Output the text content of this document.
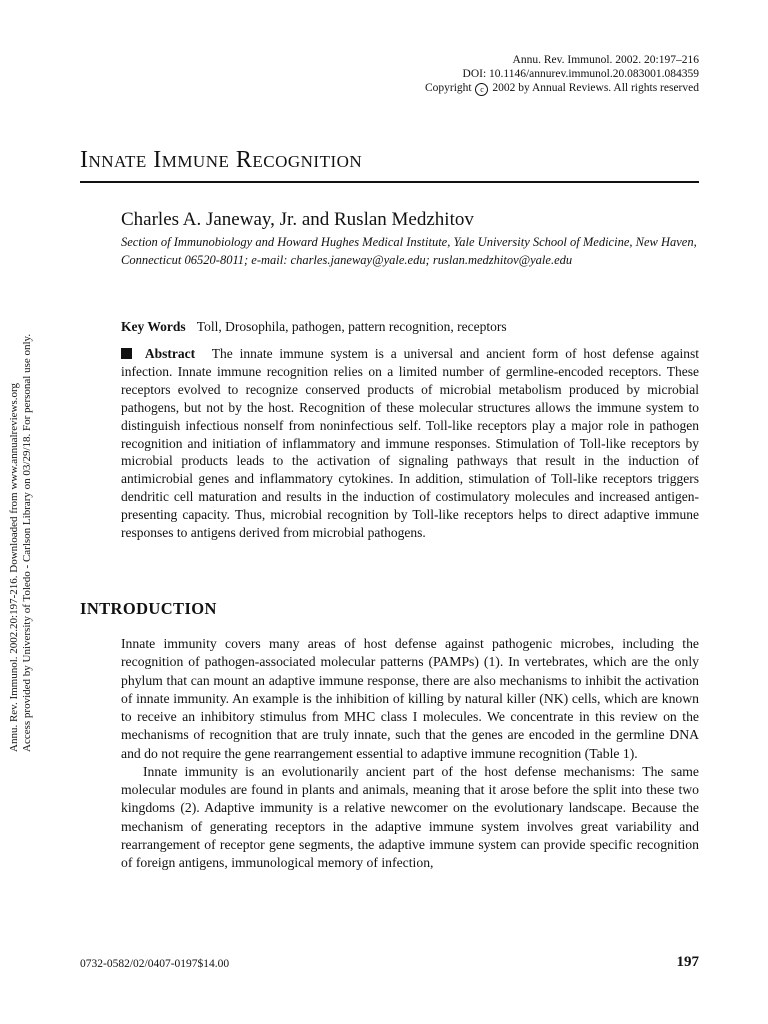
Annu. Rev. Immunol. 2002. 20:197–216
DOI: 10.1146/annurev.immunol.20.083001.084359
Copyright c 2002 by Annual Reviews. All rights reserved
Annu. Rev. Immunol. 2002.20:197-216. Downloaded from www.annualreviews.org Access provided by University of Toledo - Carlson Library on 03/29/18. For personal use only.
Innate Immune Recognition
Charles A. Janeway, Jr. and Ruslan Medzhitov
Section of Immunobiology and Howard Hughes Medical Institute, Yale University School of Medicine, New Haven, Connecticut 06520-8011; e-mail: charles.janeway@yale.edu; ruslan.medzhitov@yale.edu
Key Words Toll, Drosophila, pathogen, pattern recognition, receptors

Abstract The innate immune system is a universal and ancient form of host defense against infection. Innate immune recognition relies on a limited number of germline-encoded receptors. These receptors evolved to recognize conserved products of microbial metabolism produced by microbial pathogens, but not by the host. Recognition of these molecular structures allows the immune system to distinguish infectious nonself from noninfectious self. Toll-like receptors play a major role in pathogen recognition and initiation of inflammatory and immune responses. Stimulation of Toll-like receptors by microbial products leads to the activation of signaling pathways that result in the induction of antimicrobial genes and inflammatory cytokines. In addition, stimulation of Toll-like receptors triggers dendritic cell maturation and results in the induction of costimulatory molecules and increased antigen-presenting capacity. Thus, microbial recognition by Toll-like receptors helps to direct adaptive immune responses to antigens derived from microbial pathogens.

INTRODUCTION

Innate immunity covers many areas of host defense against pathogenic microbes, including the recognition of pathogen-associated molecular patterns (PAMPs) (1). In vertebrates, which are the only phylum that can mount an adaptive immune response, there are also mechanisms to inhibit the activation of innate immunity. An example is the inhibition of killing by natural killer (NK) cells, which are known to receive an inhibitory stimulus from MHC class I molecules. We concentrate in this review on the mechanisms of recognition that are truly innate, such that the genes are encoded in the germline DNA and do not require the gene rearrangement essential to adaptive immune recognition (Table 1).

Innate immunity is an evolutionarily ancient part of the host defense mechanisms: The same molecular modules are found in plants and animals, meaning that it arose before the split into these two kingdoms (2). Adaptive immunity is a relative newcomer on the evolutionary landscape. Because the mechanism of generating receptors in the adaptive immune system involves great variability and rearrangement of receptor gene segments, the adaptive immune system can provide specific recognition of foreign antigens, immunological memory of infection,

0732-0582/02/0407-0197$14.00	197
